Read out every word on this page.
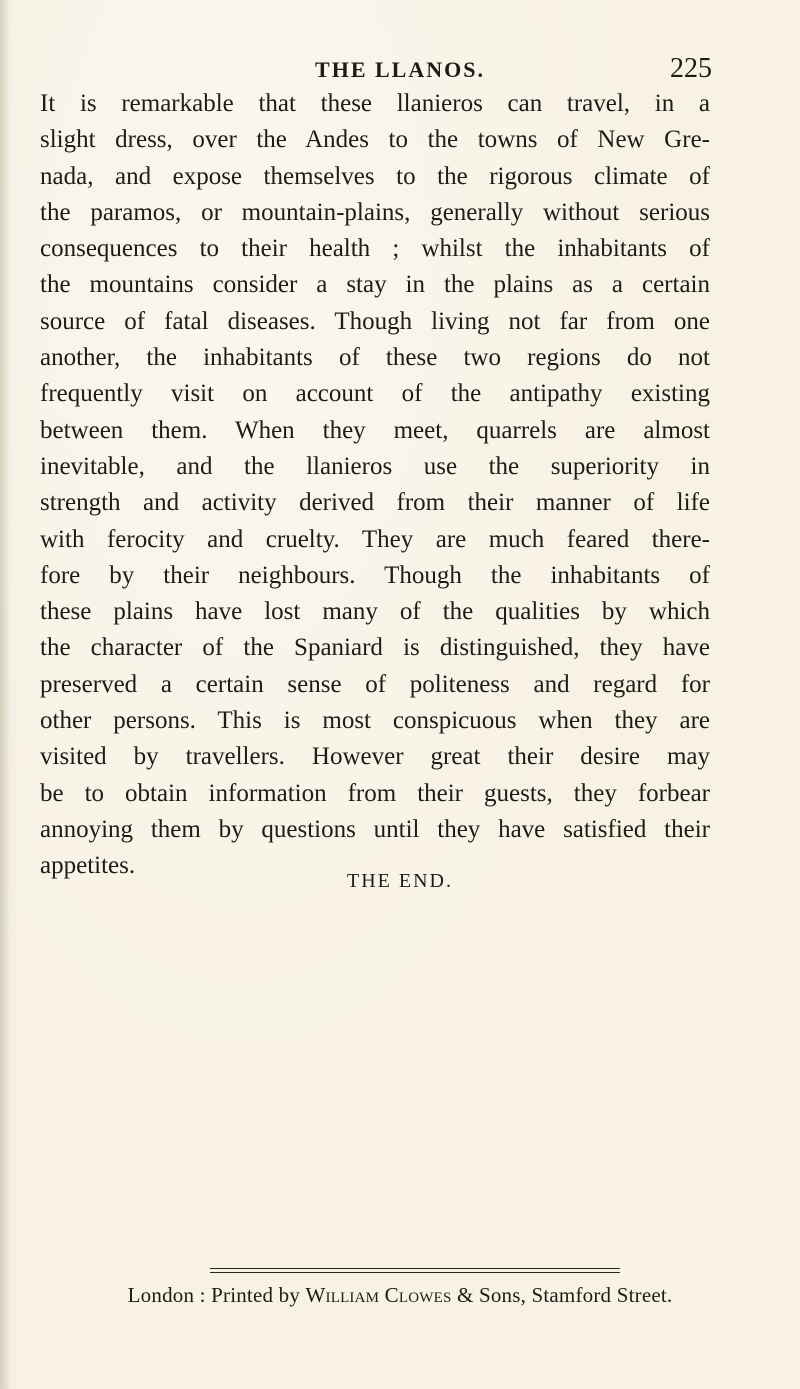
THE LLANOS.	225

It is remarkable that these llanieros can travel, in a
slight dress, over the Andes to the towns of New Gre-
nada, and expose themselves to the rigorous climate of
the paramos, or mountain-plains, generally without serious
consequences to their health ; whilst the inhabitants of
the mountains consider a stay in the plains as a certain
source of fatal diseases. Though living not far from one
another, the inhabitants of these two regions do not
frequently visit on account of the antipathy existing
between them. When they meet, quarrels are almost
inevitable, and the llanieros use the superiority in
strength and activity derived from their manner of life
with ferocity and cruelty. They are much feared there-
fore by their neighbours. Though the inhabitants of
these plains have lost many of the qualities by which
the character of the Spaniard is distinguished, they have
preserved a certain sense of politeness and regard for
other persons. This is most conspicuous when they are
visited by travellers. However great their desire may
be to obtain information from their guests, they forbear
annoying them by questions until they have satisfied their
appetites.

THE END.
London : Printed by William Clowes & Sons, Stamford Street.
